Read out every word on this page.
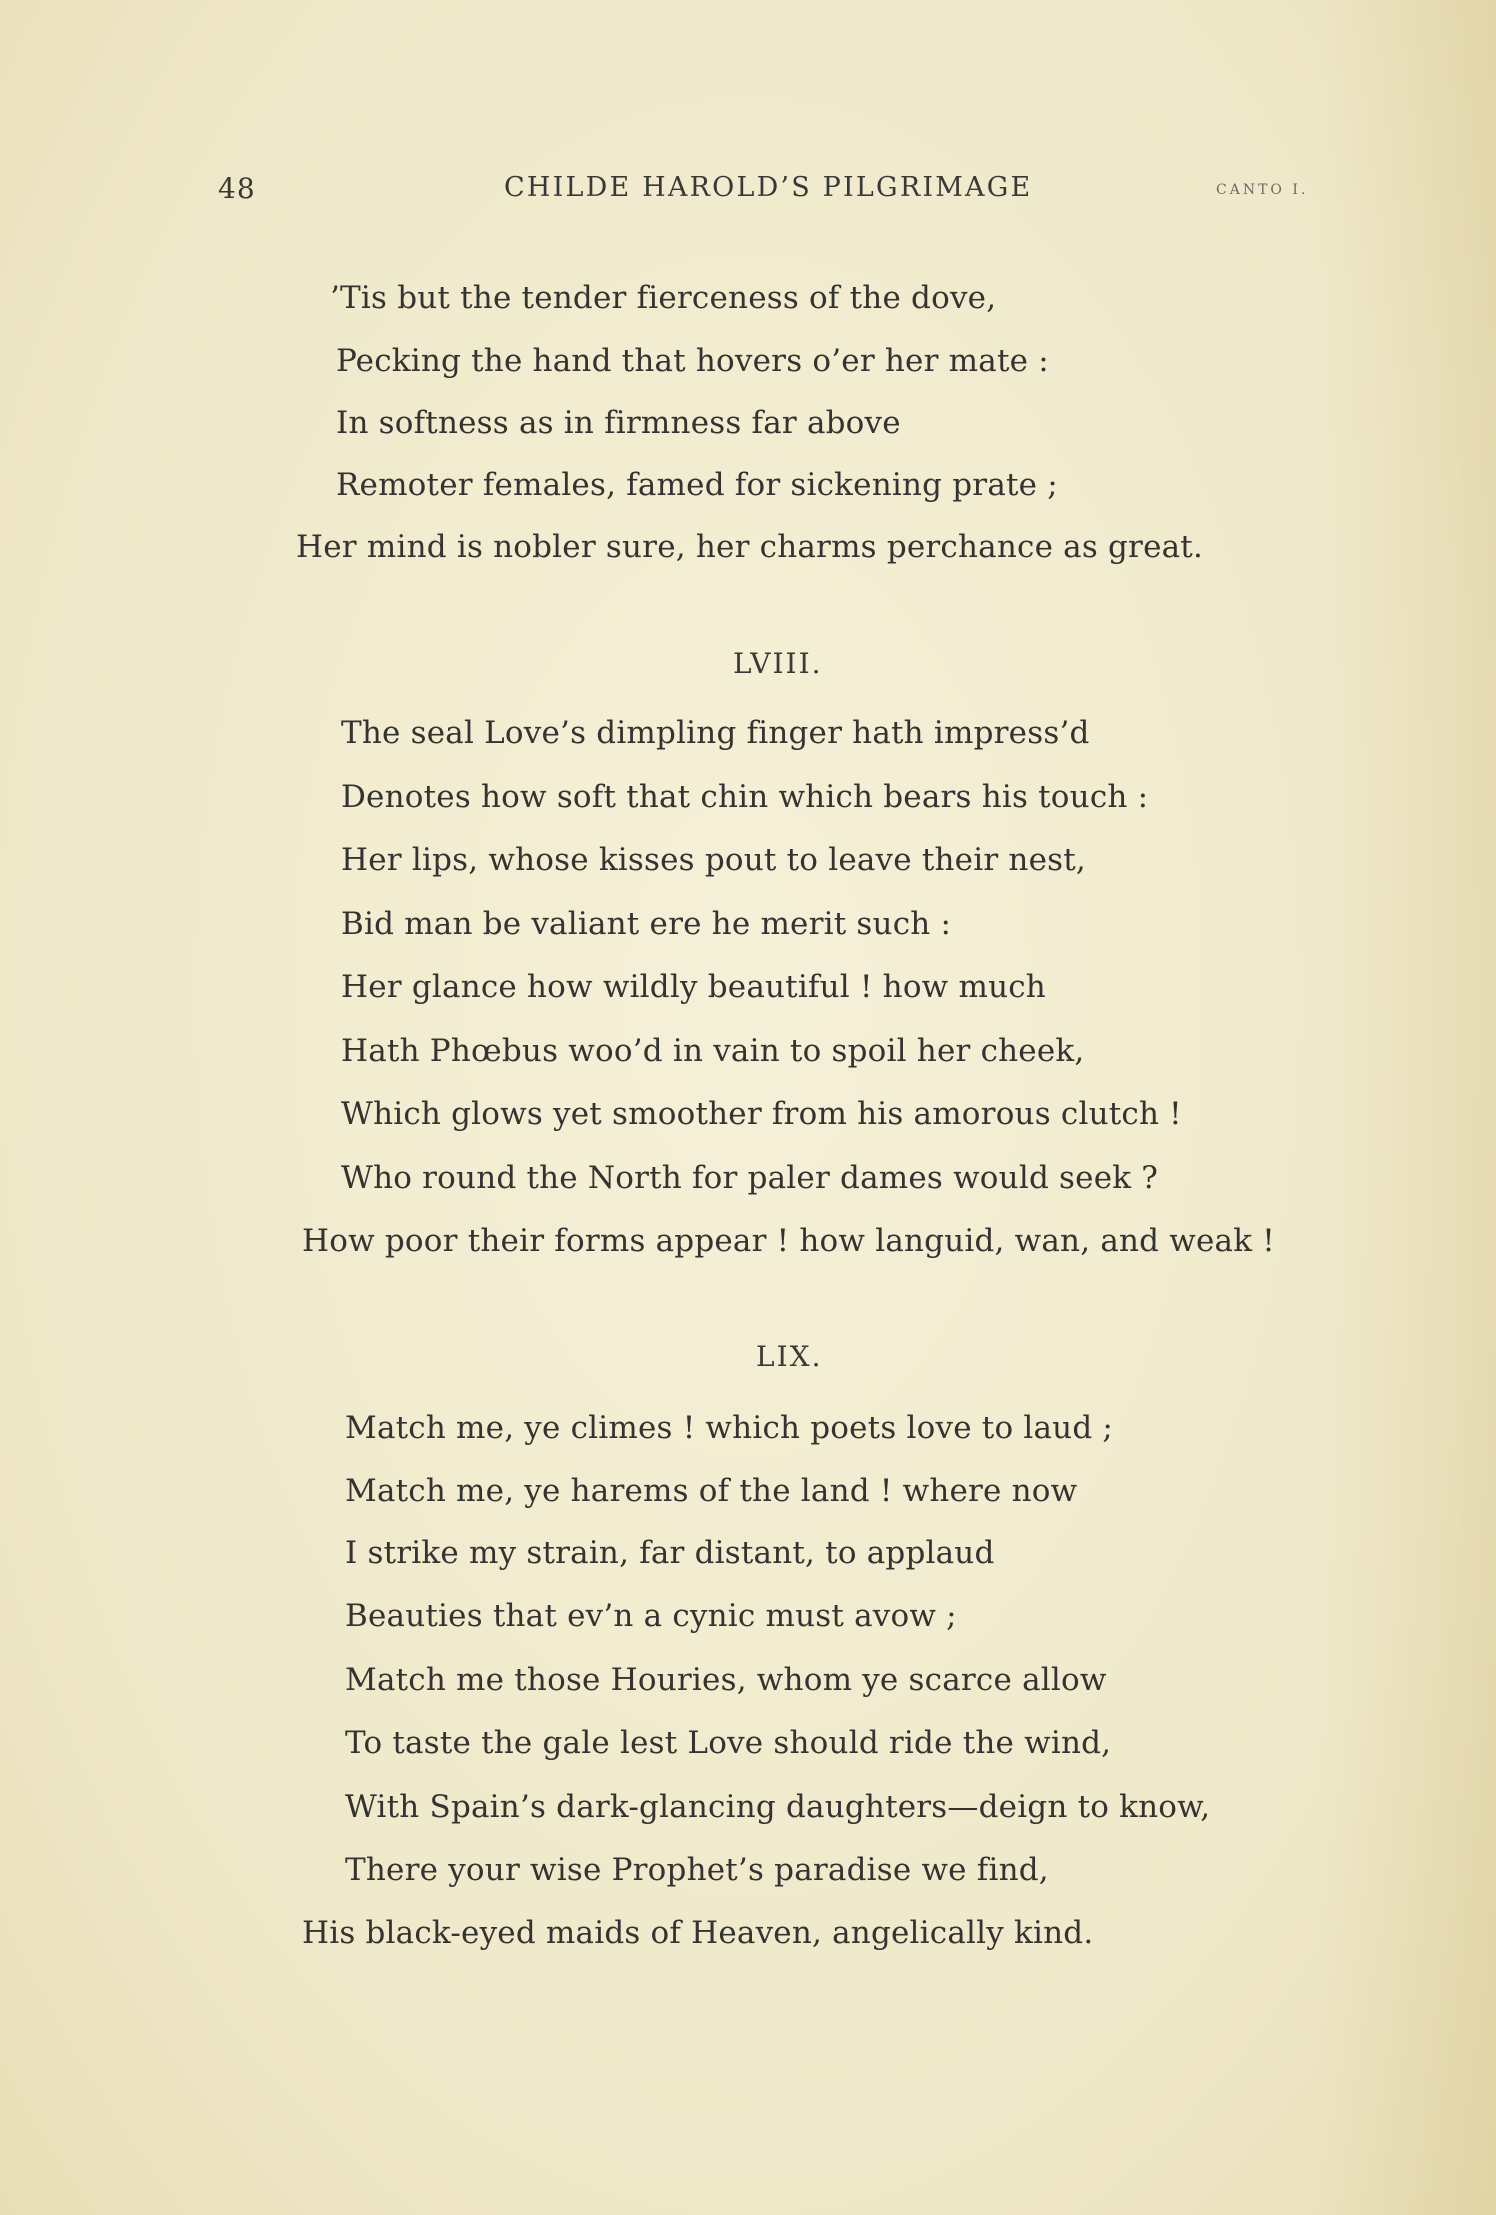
48	CHILDE HAROLD’S PILGRIMAGE	CANTO I.
’Tis but the tender fierceness of the dove,
Pecking the hand that hovers o’er her mate :
In softness as in firmness far above
Remoter females, famed for sickening prate ;
Her mind is nobler sure, her charms perchance as great.
LVIII.
The seal Love’s dimpling finger hath impress’d
Denotes how soft that chin which bears his touch :
Her lips, whose kisses pout to leave their nest,
Bid man be valiant ere he merit such :
Her glance how wildly beautiful ! how much
Hath Phœbus woo’d in vain to spoil her cheek,
Which glows yet smoother from his amorous clutch !
Who round the North for paler dames would seek ?
How poor their forms appear ! how languid, wan, and weak !
LIX.
Match me, ye climes ! which poets love to laud ;
Match me, ye harems of the land ! where now
I strike my strain, far distant, to applaud
Beauties that ev’n a cynic must avow ;
Match me those Houries, whom ye scarce allow
To taste the gale lest Love should ride the wind,
With Spain’s dark-glancing daughters—deign to know,
There your wise Prophet’s paradise we find,
His black-eyed maids of Heaven, angelically kind.
